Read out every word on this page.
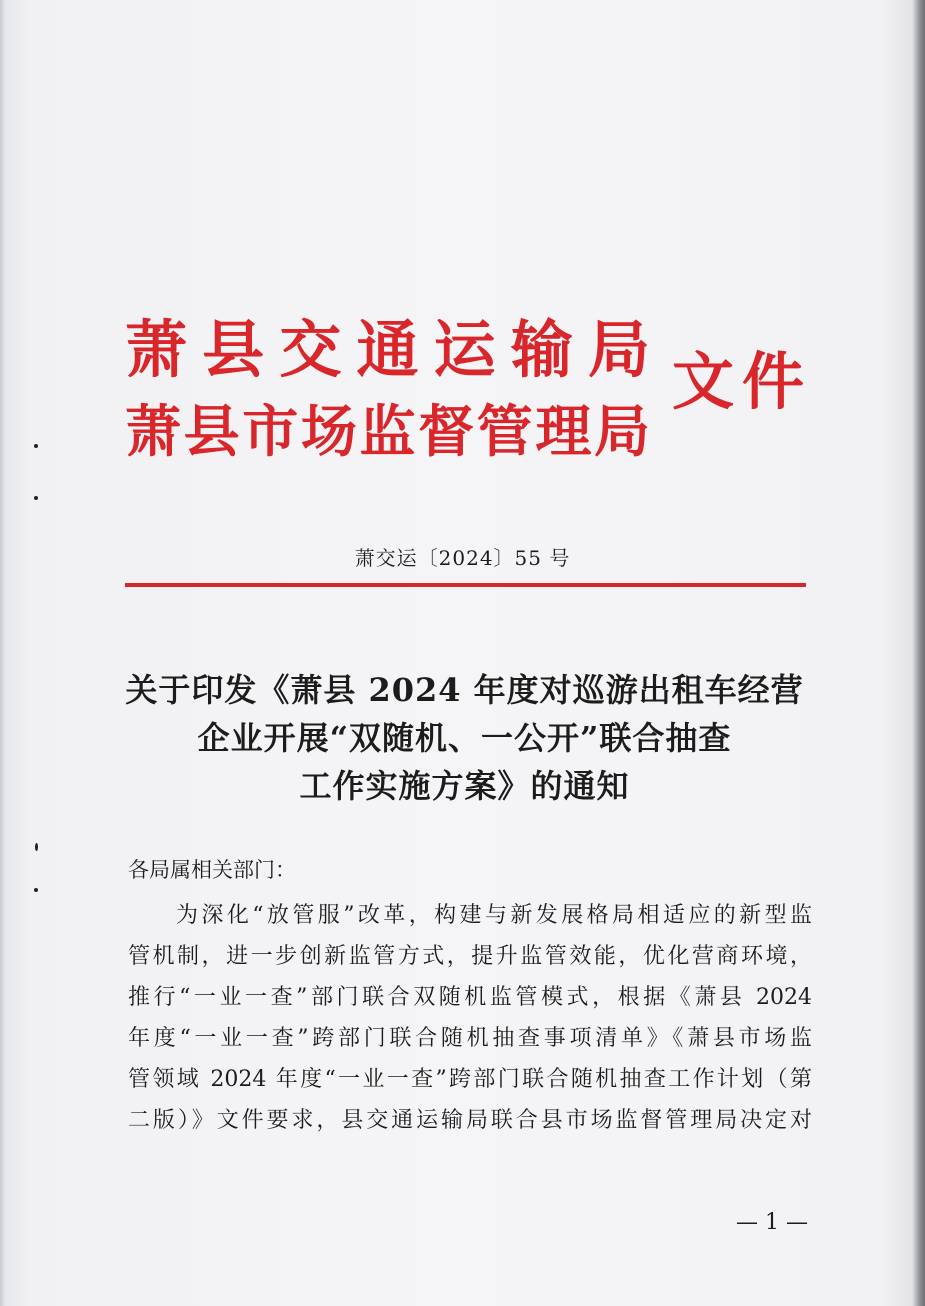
萧县交通运输局
萧县市场监督管理局
文件
萧交运〔2024〕55 号
关于印发《萧县 2024 年度对巡游出租车经营
企业开展“双随机、一公开”联合抽查
工作实施方案》的通知
各局属相关部门：
为深化“放管服”改革，构建与新发展格局相适应的新型监
管机制，进一步创新监管方式，提升监管效能，优化营商环境，
推行“一业一查”部门联合双随机监管模式，根据《萧县 2024
年度“一业一查”跨部门联合随机抽查事项清单》《萧县市场监
管领域 2024 年度“一业一查”跨部门联合随机抽查工作计划（第
二版）》文件要求，县交通运输局联合县市场监督管理局决定对
— 1 —
